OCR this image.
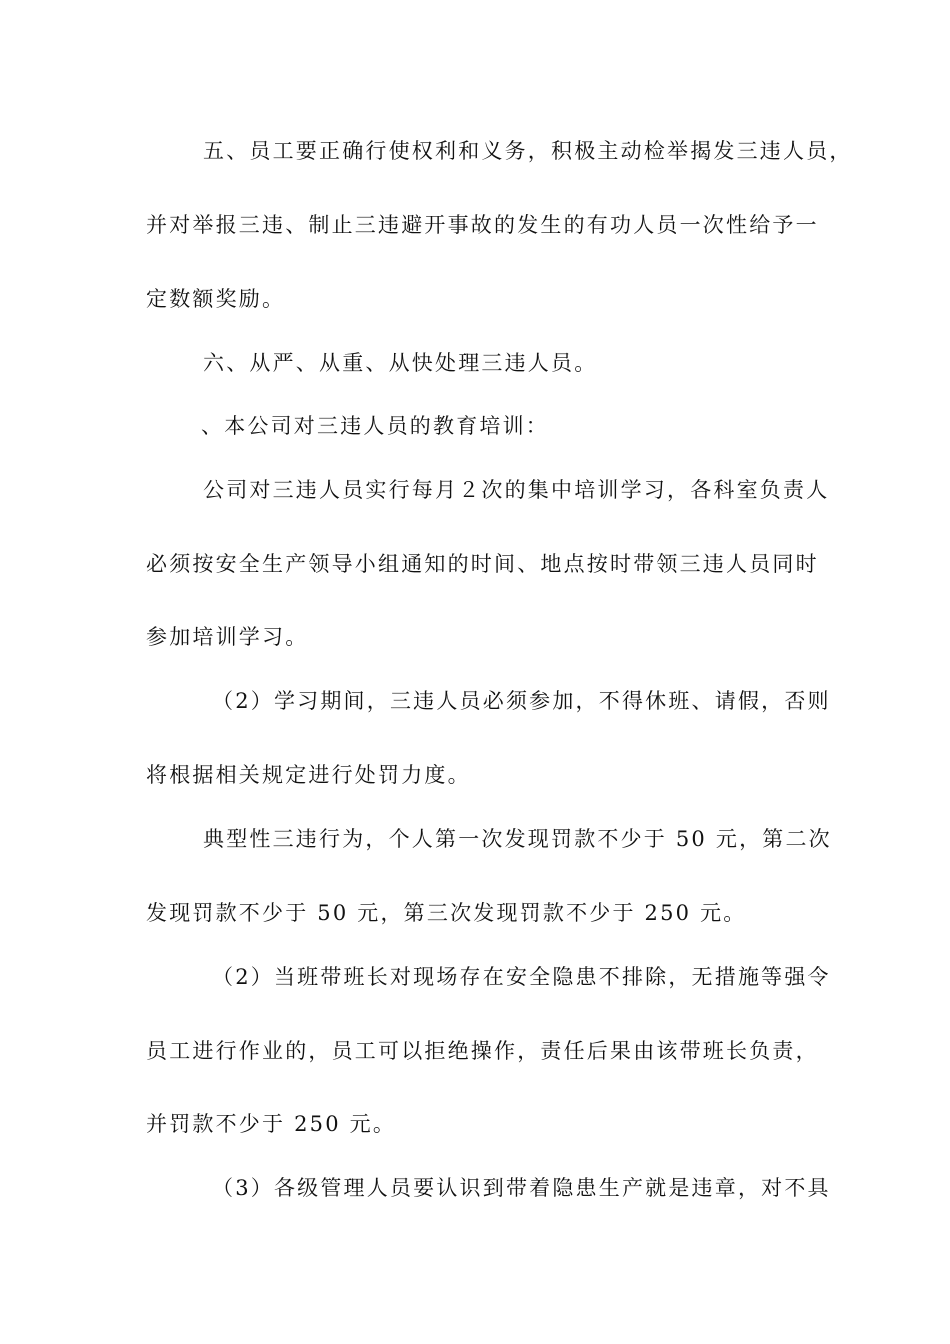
五、员工要正确行使权利和义务，积极主动检举揭发三违人员，
并对举报三违、制止三违避开事故的发生的有功人员一次性给予一
定数额奖励。
六、从严、从重、从快处理三违人员。
、本公司对三违人员的教育培训：
公司对三违人员实行每月２次的集中培训学习，各科室负责人
必须按安全生产领导小组通知的时间、地点按时带领三违人员同时
参加培训学习。
（2）学习期间，三违人员必须参加，不得休班、请假，否则
将根据相关规定进行处罚力度。
典型性三违行为，个人第一次发现罚款不少于 50 元，第二次
发现罚款不少于 50 元，第三次发现罚款不少于 250 元。
（2）当班带班长对现场存在安全隐患不排除，无措施等强令
员工进行作业的，员工可以拒绝操作，责任后果由该带班长负责，
并罚款不少于 250 元。
（3）各级管理人员要认识到带着隐患生产就是违章，对不具
